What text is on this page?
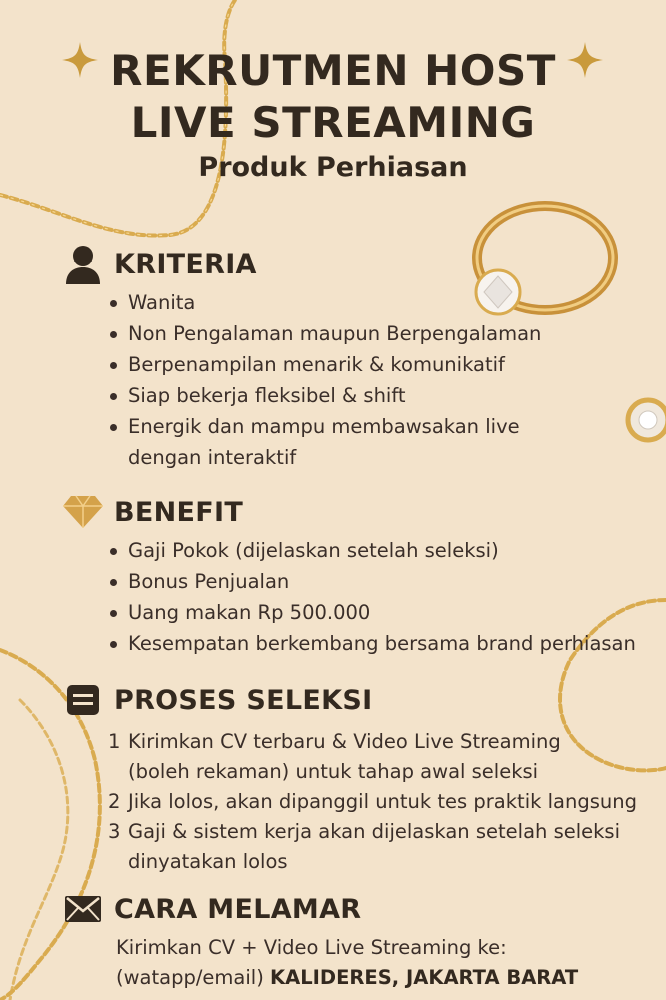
REKRUTMEN HOST
LIVE STREAMING
Produk Perhiasan
KRITERIA
Wanita
Non Pengalaman maupun Berpengalaman
Berpenampilan menarik & komunikatif
Siap bekerja fleksibel & shift
Energik dan mampu membawsakan live
dengan interaktif
BENEFIT
Gaji Pokok (dijelaskan setelah seleksi)
Bonus Penjualan
Uang makan Rp 500.000
Kesempatan berkembang bersama brand perhiasan
PROSES SELEKSI
1 Kirimkan CV terbaru & Video Live Streaming
(boleh rekaman) untuk tahap awal seleksi
2 Jika lolos, akan dipanggil untuk tes praktik langsung
3 Gaji & sistem kerja akan dijelaskan setelah seleksi
dinyatakan lolos
CARA MELAMAR
Kirimkan CV + Video Live Streaming ke:
(watapp/email) KALIDERES, JAKARTA BARAT
